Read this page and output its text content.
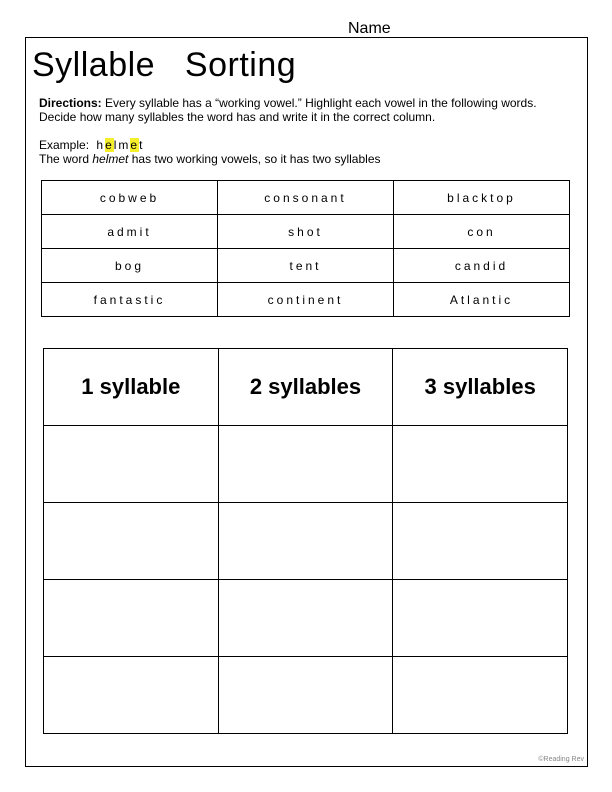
Name
Syllable   Sorting
Directions: Every syllable has a “working vowel.” Highlight each vowel in the following words. Decide how many syllables the word has and write it in the correct column.
Example: helmet
The word helmet has two working vowels, so it has two syllables
cobweb	consonant	blacktop
admit	shot	con
bog	tent	candid
fantastic	continent	Atlantic
1 syllable	2 syllables	3 syllables

©Reading Rev
